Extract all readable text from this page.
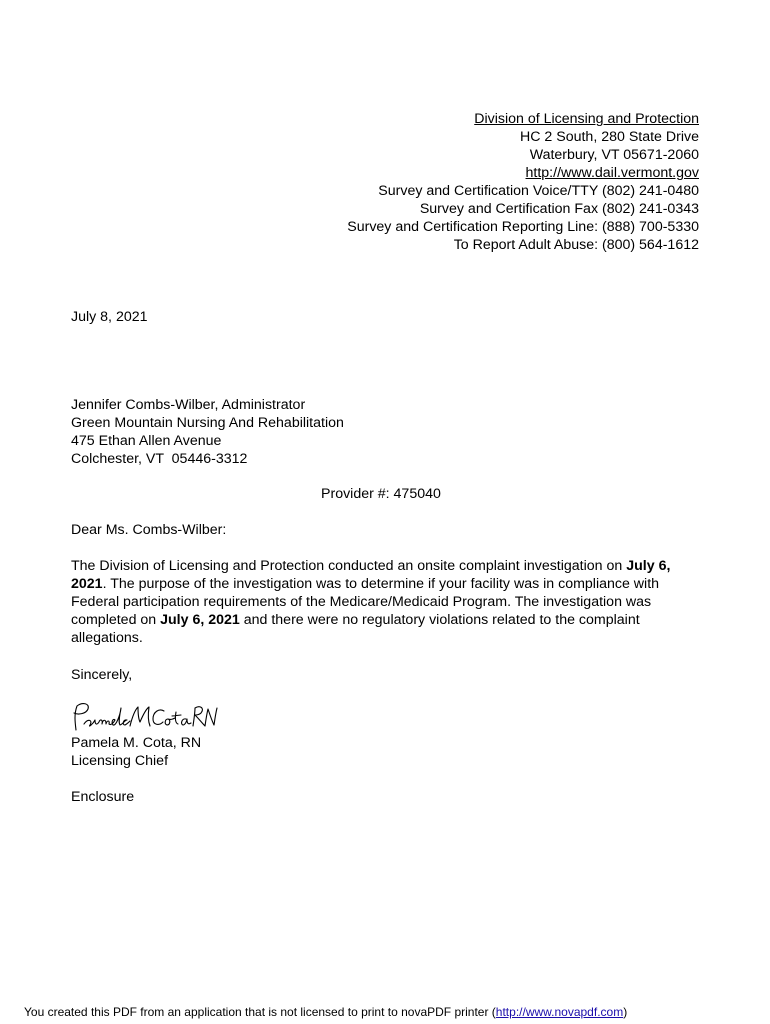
Division of Licensing and Protection
HC 2 South, 280 State Drive
Waterbury, VT 05671-2060
http://www.dail.vermont.gov
Survey and Certification Voice/TTY (802) 241-0480
Survey and Certification Fax (802) 241-0343
Survey and Certification Reporting Line: (888) 700-5330
To Report Adult Abuse: (800) 564-1612
July 8, 2021
Jennifer Combs-Wilber, Administrator
Green Mountain Nursing And Rehabilitation
475 Ethan Allen Avenue
Colchester, VT  05446-3312
Provider #: 475040
Dear Ms. Combs-Wilber:
The Division of Licensing and Protection conducted an onsite complaint investigation on July 6, 2021. The purpose of the investigation was to determine if your facility was in compliance with Federal participation requirements of the Medicare/Medicaid Program. The investigation was completed on July 6, 2021 and there were no regulatory violations related to the complaint allegations.
Sincerely,
Pamela M. Cota, RN
Licensing Chief
Enclosure
You created this PDF from an application that is not licensed to print to novaPDF printer (http://www.novapdf.com)
